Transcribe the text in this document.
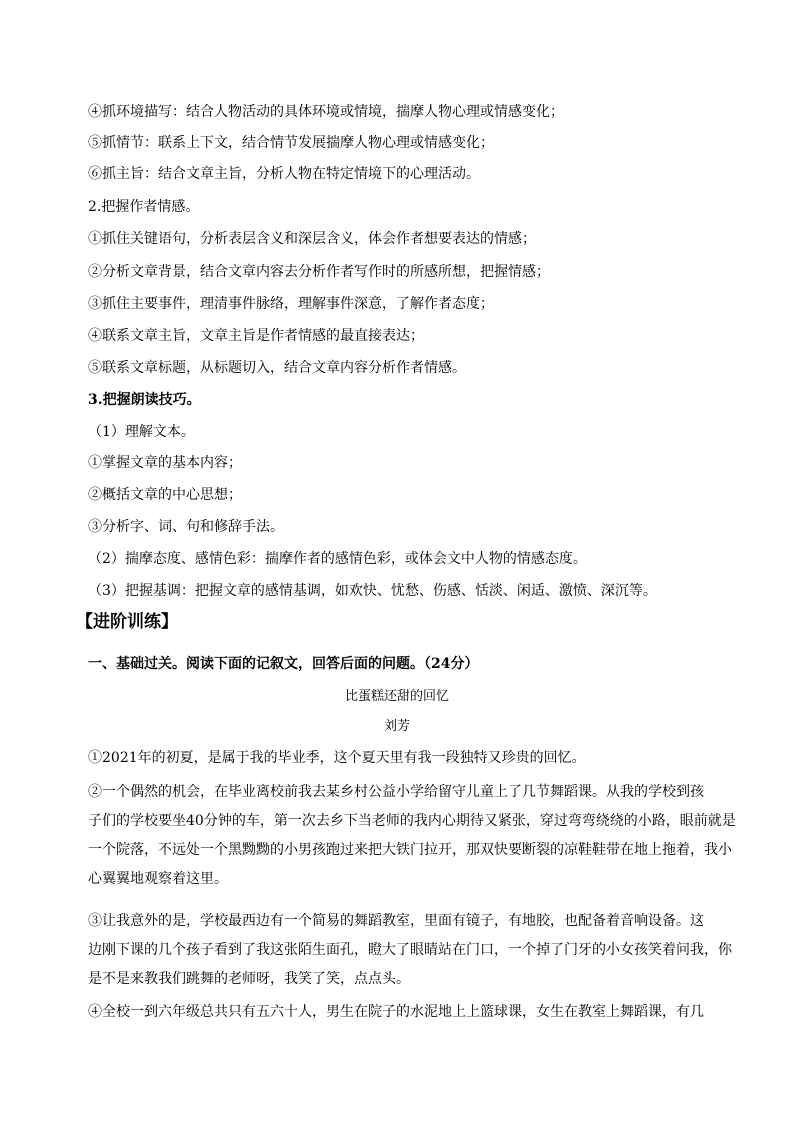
④抓环境描写：结合人物活动的具体环境或情境，揣摩人物心理或情感变化；
⑤抓情节：联系上下文，结合情节发展揣摩人物心理或情感变化；
⑥抓主旨：结合文章主旨，分析人物在特定情境下的心理活动。
2.把握作者情感。
①抓住关键语句，分析表层含义和深层含义，体会作者想要表达的情感；
②分析文章背景，结合文章内容去分析作者写作时的所感所想，把握情感；
③抓住主要事件，理清事件脉络，理解事件深意，了解作者态度；
④联系文章主旨，文章主旨是作者情感的最直接表达；
⑤联系文章标题，从标题切入，结合文章内容分析作者情感。
3.把握朗读技巧。
（1）理解文本。
①掌握文章的基本内容；
②概括文章的中心思想；
③分析字、词、句和修辞手法。
（2）揣摩态度、感情色彩：揣摩作者的感情色彩，或体会文中人物的情感态度。
（3）把握基调：把握文章的感情基调，如欢快、忧愁、伤感、恬淡、闲适、激愤、深沉等。
【进阶训练】
一、基础过关。阅读下面的记叙文，回答后面的问题。（24分）
比蛋糕还甜的回忆
刘芳
①2021年的初夏，是属于我的毕业季，这个夏天里有我一段独特又珍贵的回忆。
②一个偶然的机会，在毕业离校前我去某乡村公益小学给留守儿童上了几节舞蹈课。从我的学校到孩
子们的学校要坐40分钟的车，第一次去乡下当老师的我内心期待又紧张，穿过弯弯绕绕的小路，眼前就是
一个院落，不远处一个黑黝黝的小男孩跑过来把大铁门拉开，那双快要断裂的凉鞋鞋带在地上拖着，我小
心翼翼地观察着这里。
③让我意外的是，学校最西边有一个简易的舞蹈教室，里面有镜子，有地胶，也配备着音响设备。这
边刚下课的几个孩子看到了我这张陌生面孔，瞪大了眼睛站在门口，一个掉了门牙的小女孩笑着问我，你
是不是来教我们跳舞的老师呀，我笑了笑，点点头。
④全校一到六年级总共只有五六十人，男生在院子的水泥地上上篮球课，女生在教室上舞蹈课，有几
